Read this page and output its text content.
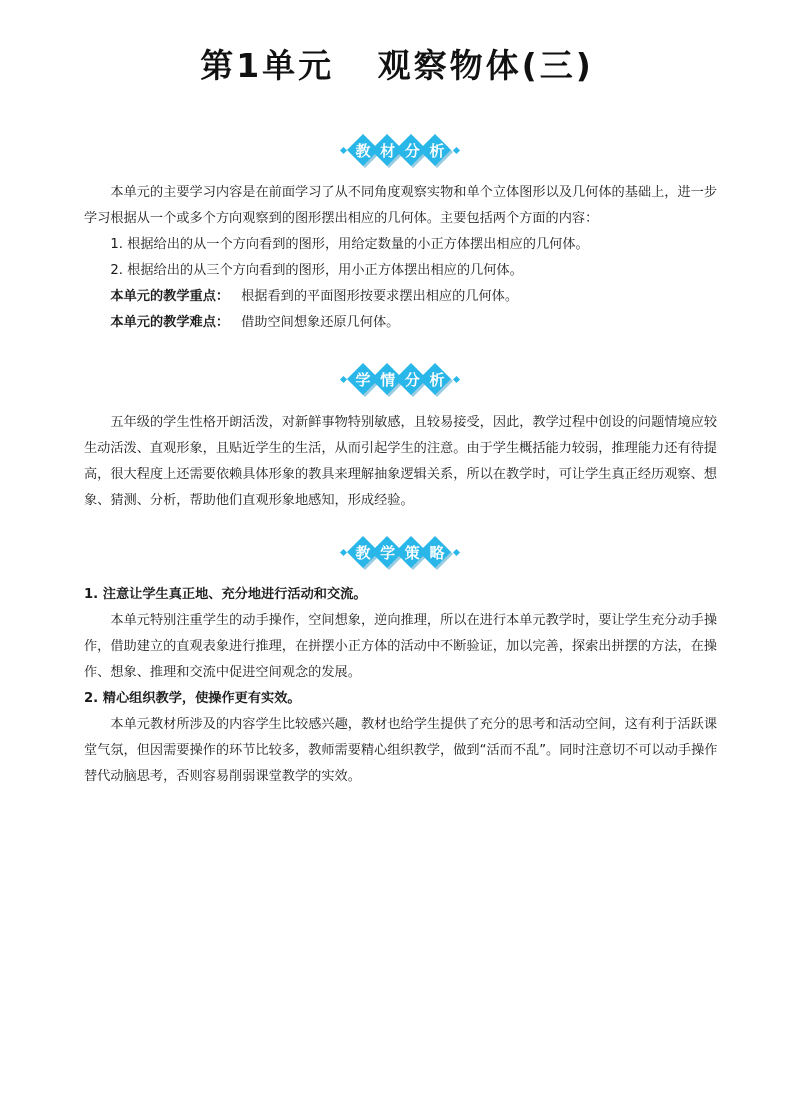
第1单元   观察物体(三)
教 材 分 析

本单元的主要学习内容是在前面学习了从不同角度观察实物和单个立体图形以及几何体的基础上，进一步学习根据从一个或多个方向观察到的图形摆出相应的几何体。主要包括两个方面的内容：

1. 根据给出的从一个方向看到的图形，用给定数量的小正方体摆出相应的几何体。

2. 根据给出的从三个方向看到的图形，用小正方体摆出相应的几何体。

本单元的教学重点： 根据看到的平面图形按要求摆出相应的几何体。

本单元的教学难点： 借助空间想象还原几何体。

学 情 分 析

五年级的学生性格开朗活泼，对新鲜事物特别敏感，且较易接受，因此，教学过程中创设的问题情境应较生动活泼、直观形象，且贴近学生的生活，从而引起学生的注意。由于学生概括能力较弱，推理能力还有待提高，很大程度上还需要依赖具体形象的教具来理解抽象逻辑关系，所以在教学时，可让学生真正经历观察、想象、猜测、分析，帮助他们直观形象地感知，形成经验。

教 学 策 略

1. 注意让学生真正地、充分地进行活动和交流。

本单元特别注重学生的动手操作，空间想象，逆向推理，所以在进行本单元教学时，要让学生充分动手操作，借助建立的直观表象进行推理，在拼摆小正方体的活动中不断验证，加以完善，探索出拼摆的方法，在操作、想象、推理和交流中促进空间观念的发展。

2. 精心组织教学，使操作更有实效。

本单元教材所涉及的内容学生比较感兴趣，教材也给学生提供了充分的思考和活动空间，这有利于活跃课堂气氛，但因需要操作的环节比较多，教师需要精心组织教学，做到“活而不乱”。同时注意切不可以动手操作替代动脑思考，否则容易削弱课堂教学的实效。
